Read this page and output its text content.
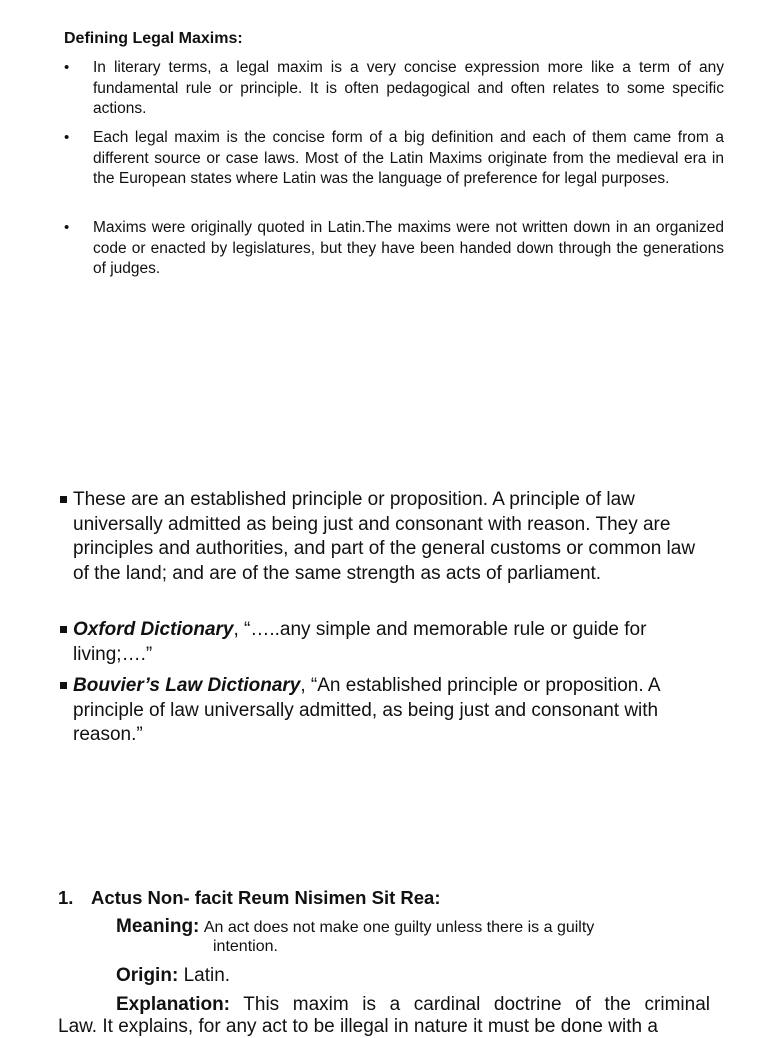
Defining Legal Maxims:
• In literary terms, a legal maxim is a very concise expression more like a term of any fundamental rule or principle. It is often pedagogical and often relates to some specific actions.
• Each legal maxim is the concise form of a big definition and each of them came from a different source or case laws. Most of the Latin Maxims originate from the medieval era in the European states where Latin was the language of preference for legal purposes.
• Maxims were originally quoted in Latin.The maxims were not written down in an organized code or enacted by legislatures, but they have been handed down through the generations of judges.
These are an established principle or proposition. A principle of law universally admitted as being just and consonant with reason. They are principles and authorities, and part of the general customs or common law of the land; and are of the same strength as acts of parliament.
Oxford Dictionary, “…..any simple and memorable rule or guide for living;….”
Bouvier’s Law Dictionary, “An established principle or proposition. A principle of law universally admitted, as being just and consonant with reason.”
1. Actus Non- facit Reum Nisimen Sit Rea:
Meaning: An act does not make one guilty unless there is a guilty
intention.
Origin: Latin.
Explanation: This maxim is a cardinal doctrine of the criminal
Law. It explains, for any act to be illegal in nature it must be done with a
